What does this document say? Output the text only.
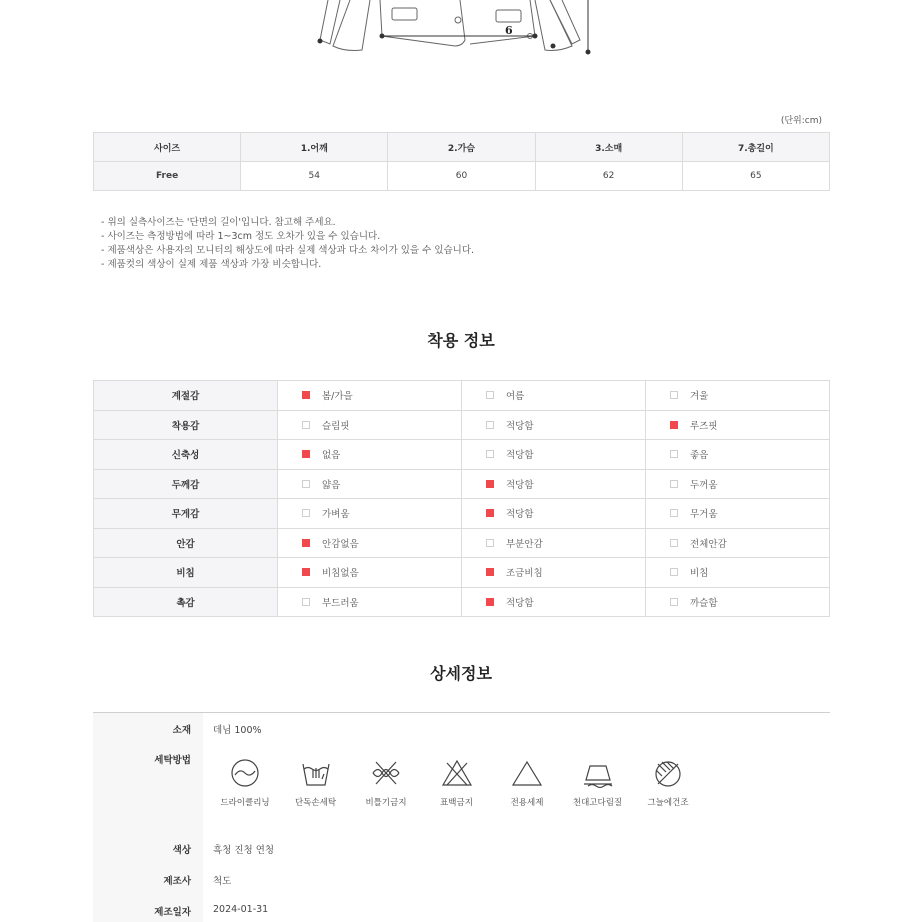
6
(단위:cm)
사이즈	1.어깨	2.가슴	3.소매	7.총길이
Free	54	60	62	65
- 위의 실측사이즈는 '단면의 길이'입니다. 참고해 주세요.
- 사이즈는 측정방법에 따라 1~3cm 정도 오차가 있을 수 있습니다.
- 제품색상은 사용자의 모니터의 해상도에 따라 실제 색상과 다소 차이가 있을 수 있습니다.
- 제품컷의 색상이 실제 제품 색상과 가장 비슷합니다.
착용 정보
계절감	봄/가을	여름	겨울

착용감	슬림핏	적당함	루즈핏

신축성	없음	적당함	좋음

두께감	얇음	적당함	두꺼움

무게감	가벼움	적당함	무거움

안감	안감없음	부분안감	전체안감

비침	비침없음	조금비침	비침

촉감	부드러움	적당함	까슬함
상세정보
소재 데님 100%
세탁방법
드라이클리닝	단독손세탁	비틀기금지	표백금지	전용세제	천대고다림질	그늘에건조
색상 흑청 진청 연청
제조사 척도
제조일자 2024-01-31
